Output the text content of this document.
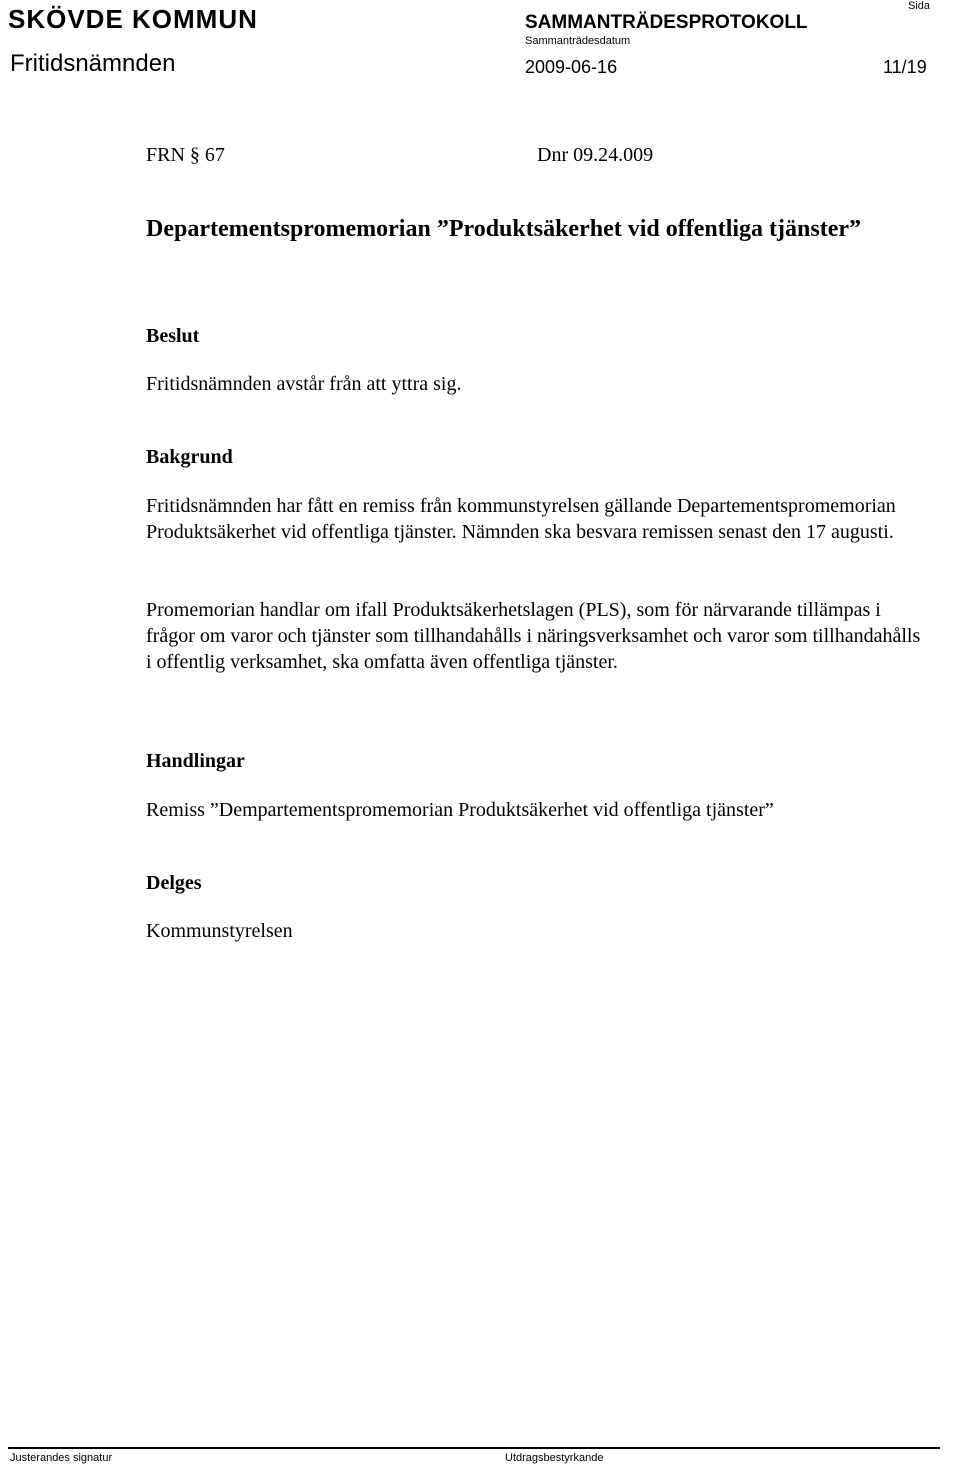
SKÖVDE KOMMUN	SAMMANTRÄDESPROTOKOLL
Sida
Sammanträdesdatum
Fritidsnämnden	2009-06-16	11/19
FRN § 67	Dnr 09.24.009
Departementspromemorian ”Produktsäkerhet vid offentliga tjänster”
Beslut
Fritidsnämnden avstår från att yttra sig.
Bakgrund
Fritidsnämnden har fått en remiss från kommunstyrelsen gällande Departementspromemorian Produktsäkerhet vid offentliga tjänster. Nämnden ska besvara remissen senast den 17 augusti.
Promemorian handlar om ifall Produktsäkerhetslagen (PLS), som för närvarande tillämpas i frågor om varor och tjänster som tillhandahålls i näringsverksamhet och varor som tillhandahålls i offentlig verksamhet, ska omfatta även offentliga tjänster.
Handlingar
Remiss ”Dempartementspromemorian Produktsäkerhet vid offentliga tjänster”
Delges
Kommunstyrelsen
Justerandes signatur	Utdragsbestyrkande
